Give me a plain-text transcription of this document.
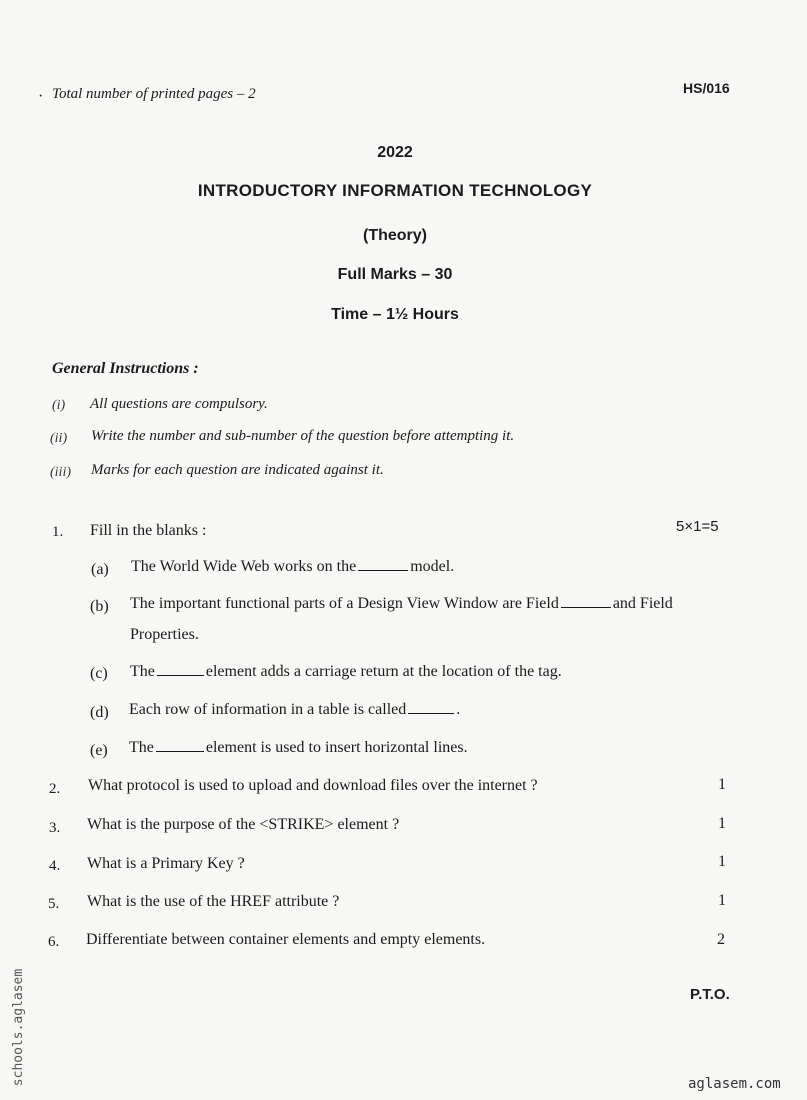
· Total number of printed pages – 2	HS/016
2022
INTRODUCTORY INFORMATION TECHNOLOGY
(Theory)
Full Marks – 30
Time – 1½ Hours
General Instructions :
(i) All questions are compulsory.
(ii) Write the number and sub-number of the question before attempting it.
(iii) Marks for each question are indicated against it.
1. Fill in the blanks :	5×1=5
(a) The World Wide Web works on the	model.
(b) The important functional parts of a Design View Window are Field	and Field
Properties.
(c) The	element adds a carriage return at the location of the tag.
(d) Each row of information in a table is called	.
(e) The	element is used to insert horizontal lines.
2. What protocol is used to upload and download files over the internet ?	1
3. What is the purpose of the <STRIKE> element ?	1
4. What is a Primary Key ?	1
5. What is the use of the HREF attribute ?	1
6. Differentiate between container elements and empty elements.	2
P.T.O.
schools.aglasem	aglasem.com
